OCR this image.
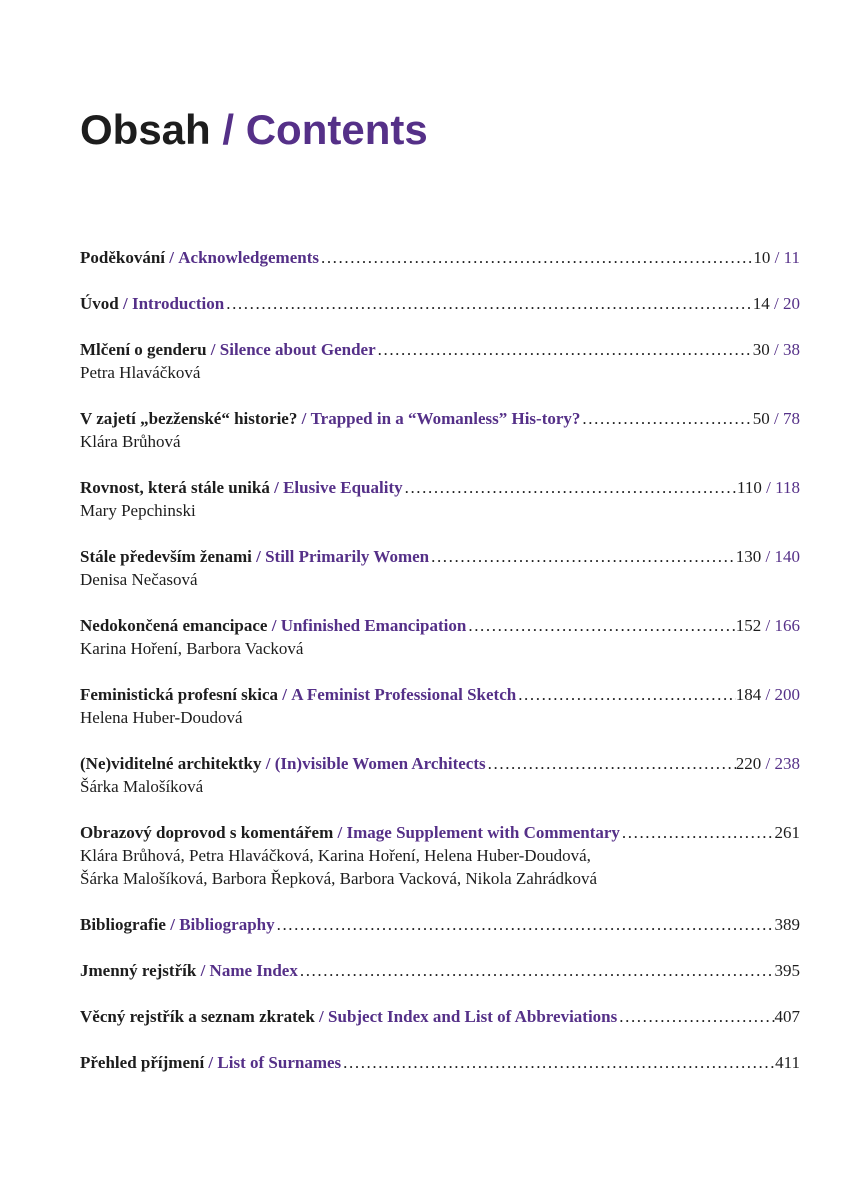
Obsah / Contents
Poděkování / Acknowledgements .....	10 / 11
Úvod / Introduction .....	14 / 20
Mlčení o genderu / Silence about Gender .....	30 / 38
Petra Hlaváčková
V zajetí „bezženské“ historie? / Trapped in a “Womanless” His-tory? .....	50 / 78
Klára Brůhová
Rovnost, která stále uniká / Elusive Equality .....	110 / 118
Mary Pepchinski
Stále především ženami / Still Primarily Women .....	130 / 140
Denisa Nečasová
Nedokončená emancipace / Unfinished Emancipation .....	152 / 166
Karina Hoření, Barbora Vacková
Feministická profesní skica / A Feminist Professional Sketch .....	184 / 200
Helena Huber-Doudová
(Ne)viditelné architektky / (In)visible Women Architects .....	220 / 238
Šárka Malošíková
Obrazový doprovod s komentářem / Image Supplement with Commentary .....	261
Klára Brůhová, Petra Hlaváčková, Karina Hoření, Helena Huber-Doudová,
Šárka Malošíková, Barbora Řepková, Barbora Vacková, Nikola Zahrádková
Bibliografie / Bibliography .....	389
Jmenný rejstřík / Name Index .....	395
Věcný rejstřík a seznam zkratek / Subject Index and List of Abbreviations .....	407
Přehled příjmení / List of Surnames .....	411
